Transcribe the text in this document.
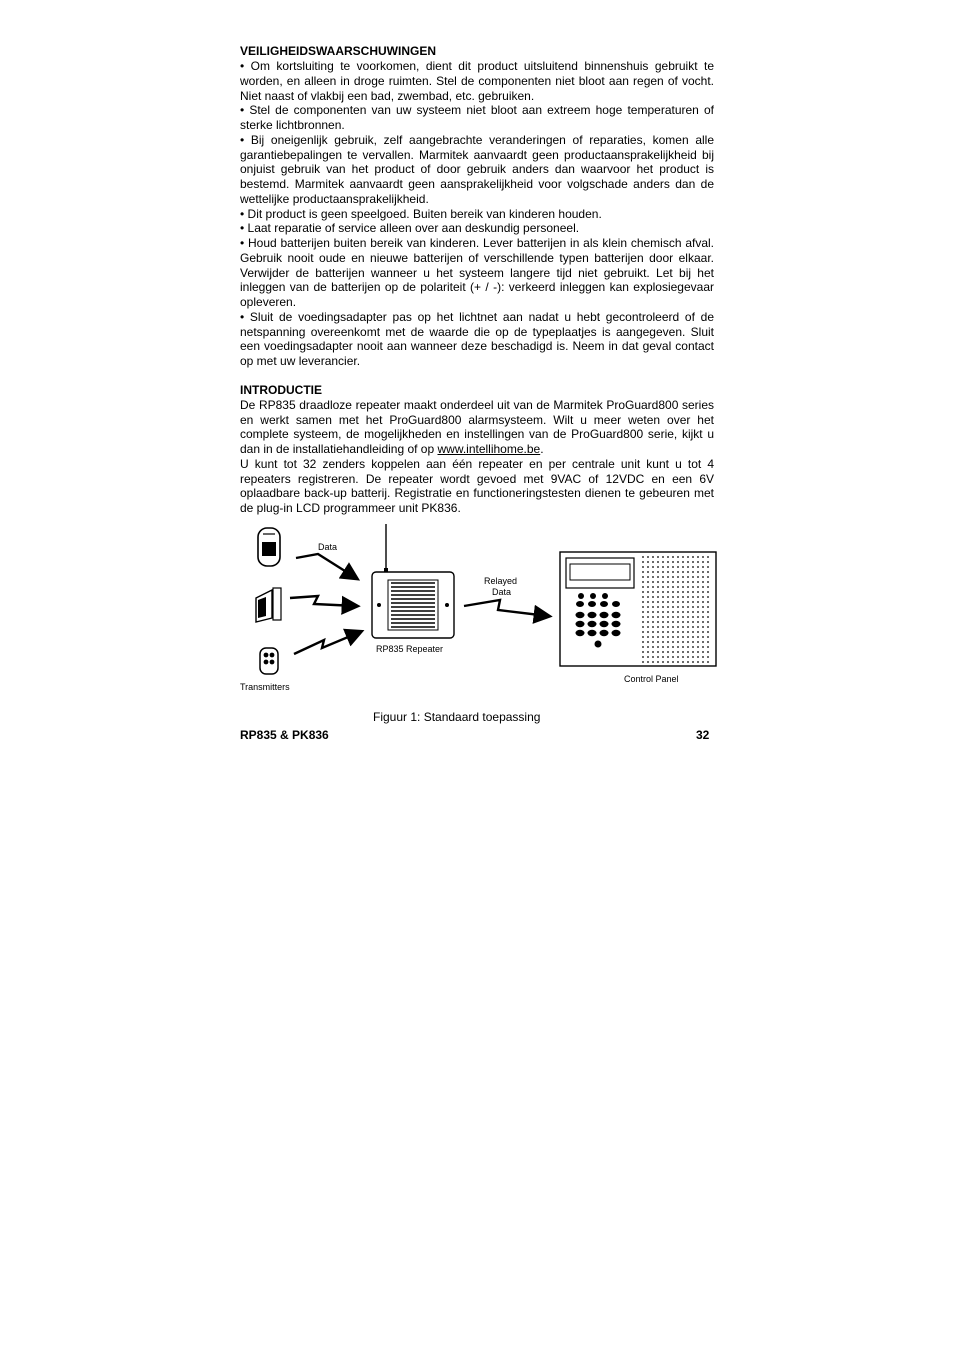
VEILIGHEIDSWAARSCHUWINGEN

• Om kortsluiting te voorkomen, dient dit product uitsluitend binnenshuis gebruikt te worden, en alleen in droge ruimten. Stel de componenten niet bloot aan regen of vocht. Niet naast of vlakbij een bad, zwembad, etc. gebruiken.

• Stel de componenten van uw systeem niet bloot aan extreem hoge temperaturen of sterke lichtbronnen.

• Bij oneigenlijk gebruik, zelf aangebrachte veranderingen of reparaties, komen alle garantiebepalingen te vervallen. Marmitek aanvaardt geen productaansprakelijkheid bij onjuist gebruik van het product of door gebruik anders dan waarvoor het product is bestemd. Marmitek aanvaardt geen aansprakelijkheid voor volgschade anders dan de wettelijke productaansprakelijkheid.

• Dit product is geen speelgoed. Buiten bereik van kinderen houden.

• Laat reparatie of service alleen over aan deskundig personeel.

• Houd batterijen buiten bereik van kinderen. Lever batterijen in als klein chemisch afval. Gebruik nooit oude en nieuwe batterijen of verschillende typen batterijen door elkaar. Verwijder de batterijen wanneer u het systeem langere tijd niet gebruikt. Let bij het inleggen van de batterijen op de polariteit (+ / -): verkeerd inleggen kan explosiegevaar opleveren.

• Sluit de voedingsadapter pas op het lichtnet aan nadat u hebt gecontroleerd of de netspanning overeenkomt met de waarde die op de typeplaatjes is aangegeven. Sluit een voedingsadapter nooit aan wanneer deze beschadigd is. Neem in dat geval contact op met uw leverancier.

INTRODUCTIE

De RP835 draadloze repeater maakt onderdeel uit van de Marmitek ProGuard800 series en werkt samen met het ProGuard800 alarmsysteem. Wilt u meer weten over het complete systeem, de mogelijkheden en instellingen van de ProGuard800 serie, kijkt u dan in de installatiehandleiding of op www.intellihome.be.

U kunt tot 32 zenders koppelen aan één repeater en per centrale unit kunt u tot 4 repeaters registreren. De repeater wordt gevoed met 9VAC of 12VDC en een 6V oplaadbare back-up batterij. Registratie en functioneringstesten dienen te gebeuren met de plug-in LCD programmeer unit PK836.

Transmitters
Data
RP835 Repeater
Relayed
Data
Control Panel
Figuur 1: Standaard toepassing
RP835 & PK836	32
